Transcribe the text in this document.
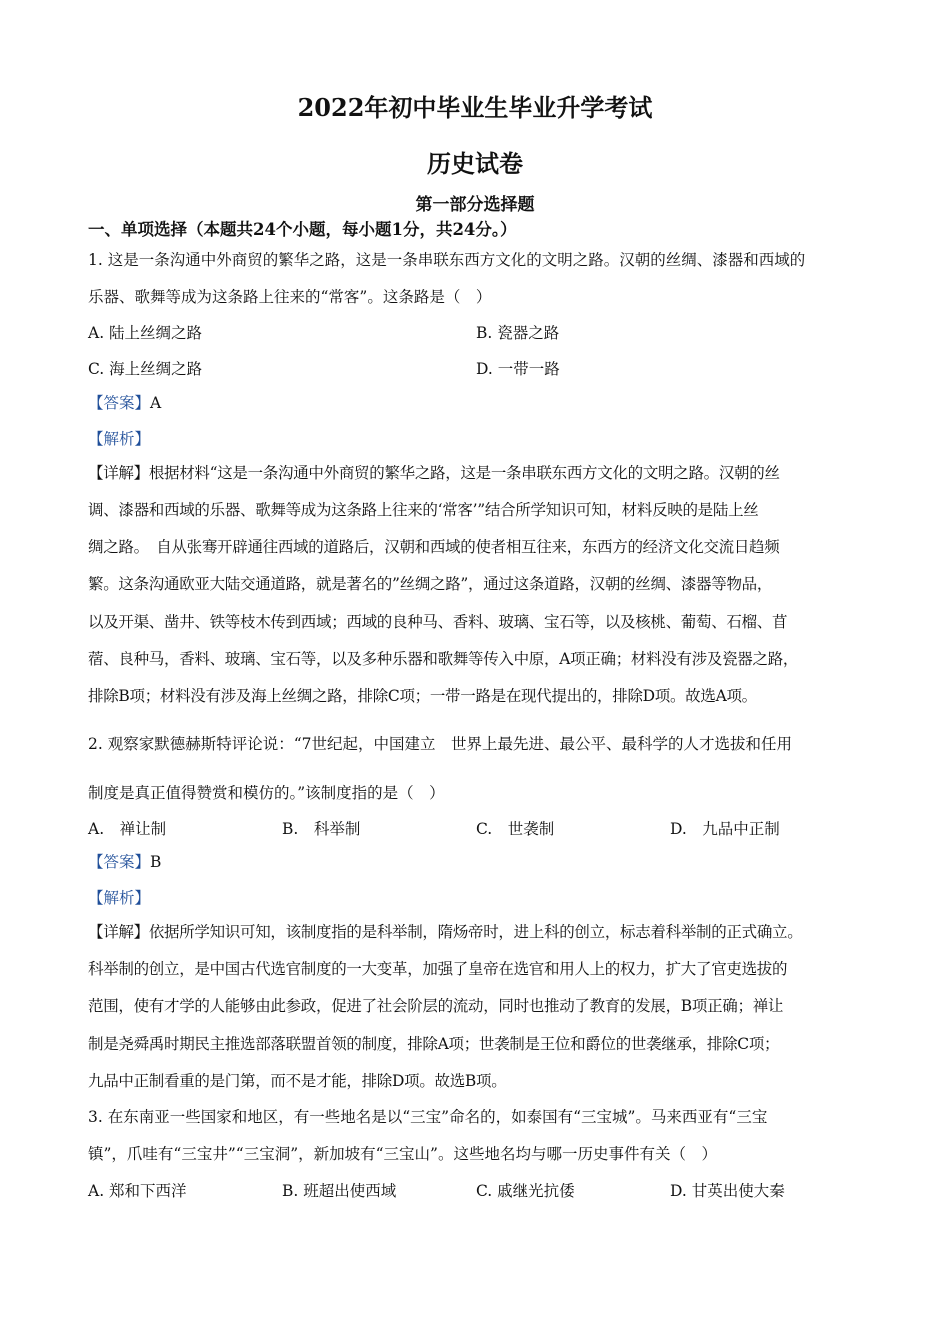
2022年初中毕业生毕业升学考试
历史试卷
第一部分选择题
一、单项选择（本题共24个小题，每小题1分，共24分。）
1. 这是一条沟通中外商贸的繁华之路，这是一条串联东西方文化的文明之路。汉朝的丝绸、漆器和西域的
乐器、歌舞等成为这条路上往来的“常客”。这条路是（　）
A. 陆上丝绸之路	B. 瓷器之路
C. 海上丝绸之路	D. 一带一路
【答案】A
【解析】
【详解】根据材料“这是一条沟通中外商贸的繁华之路，这是一条串联东西方文化的文明之路。汉朝的丝
调、漆器和西域的乐器、歌舞等成为这条路上往来的‘常客’”结合所学知识可知，材料反映的是陆上丝
绸之路。　自从张骞开辟通往西域的道路后，汉朝和西域的使者相互往来，东西方的经济文化交流日趋频
繁。这条沟通欧亚大陆交通道路，就是著名的”丝绸之路”，通过这条道路，汉朝的丝绸、漆器等物品，
以及开渠、凿井、铁等枝木传到西域；西域的良种马、香料、玻璃、宝石等，以及核桃、葡萄、石榴、苜
蓿、良种马，香料、玻璃、宝石等，以及多种乐器和歌舞等传入中原，A项正确；材料没有涉及瓷器之路，
排除B项；材料没有涉及海上丝绸之路，排除C项；一带一路是在现代提出的，排除D项。故选A项。
2. 观察家默德赫斯特评论说：“7世纪起，中国建立　世界上最先进、最公平、最科学的人才选拔和任用
制度是真正值得赞赏和模仿的。”该制度指的是（　）
A.　禅让制	B.　科举制	C.　世袭制	D.　九品中正制
【答案】B
【解析】
【详解】依据所学知识可知，该制度指的是科举制，隋炀帝时，进上科的创立，标志着科举制的正式确立。
科举制的创立，是中国古代选官制度的一大变革，加强了皇帝在选官和用人上的权力，扩大了官吏选拔的
范围，使有才学的人能够由此参政，促进了社会阶层的流动，同时也推动了教育的发展，B项正确；禅让
制是尧舜禹时期民主推选部落联盟首领的制度，排除A项；世袭制是王位和爵位的世袭继承，排除C项；
九品中正制看重的是门第，而不是才能，排除D项。故选B项。
3. 在东南亚一些国家和地区，有一些地名是以“三宝”命名的，如泰国有“三宝城”。马来西亚有“三宝
镇”，爪哇有“三宝井”“三宝洞”，新加坡有“三宝山”。这些地名均与哪一历史事件有关（　）
A. 郑和下西洋	B. 班超出使西域	C. 戚继光抗倭	D. 甘英出使大秦
